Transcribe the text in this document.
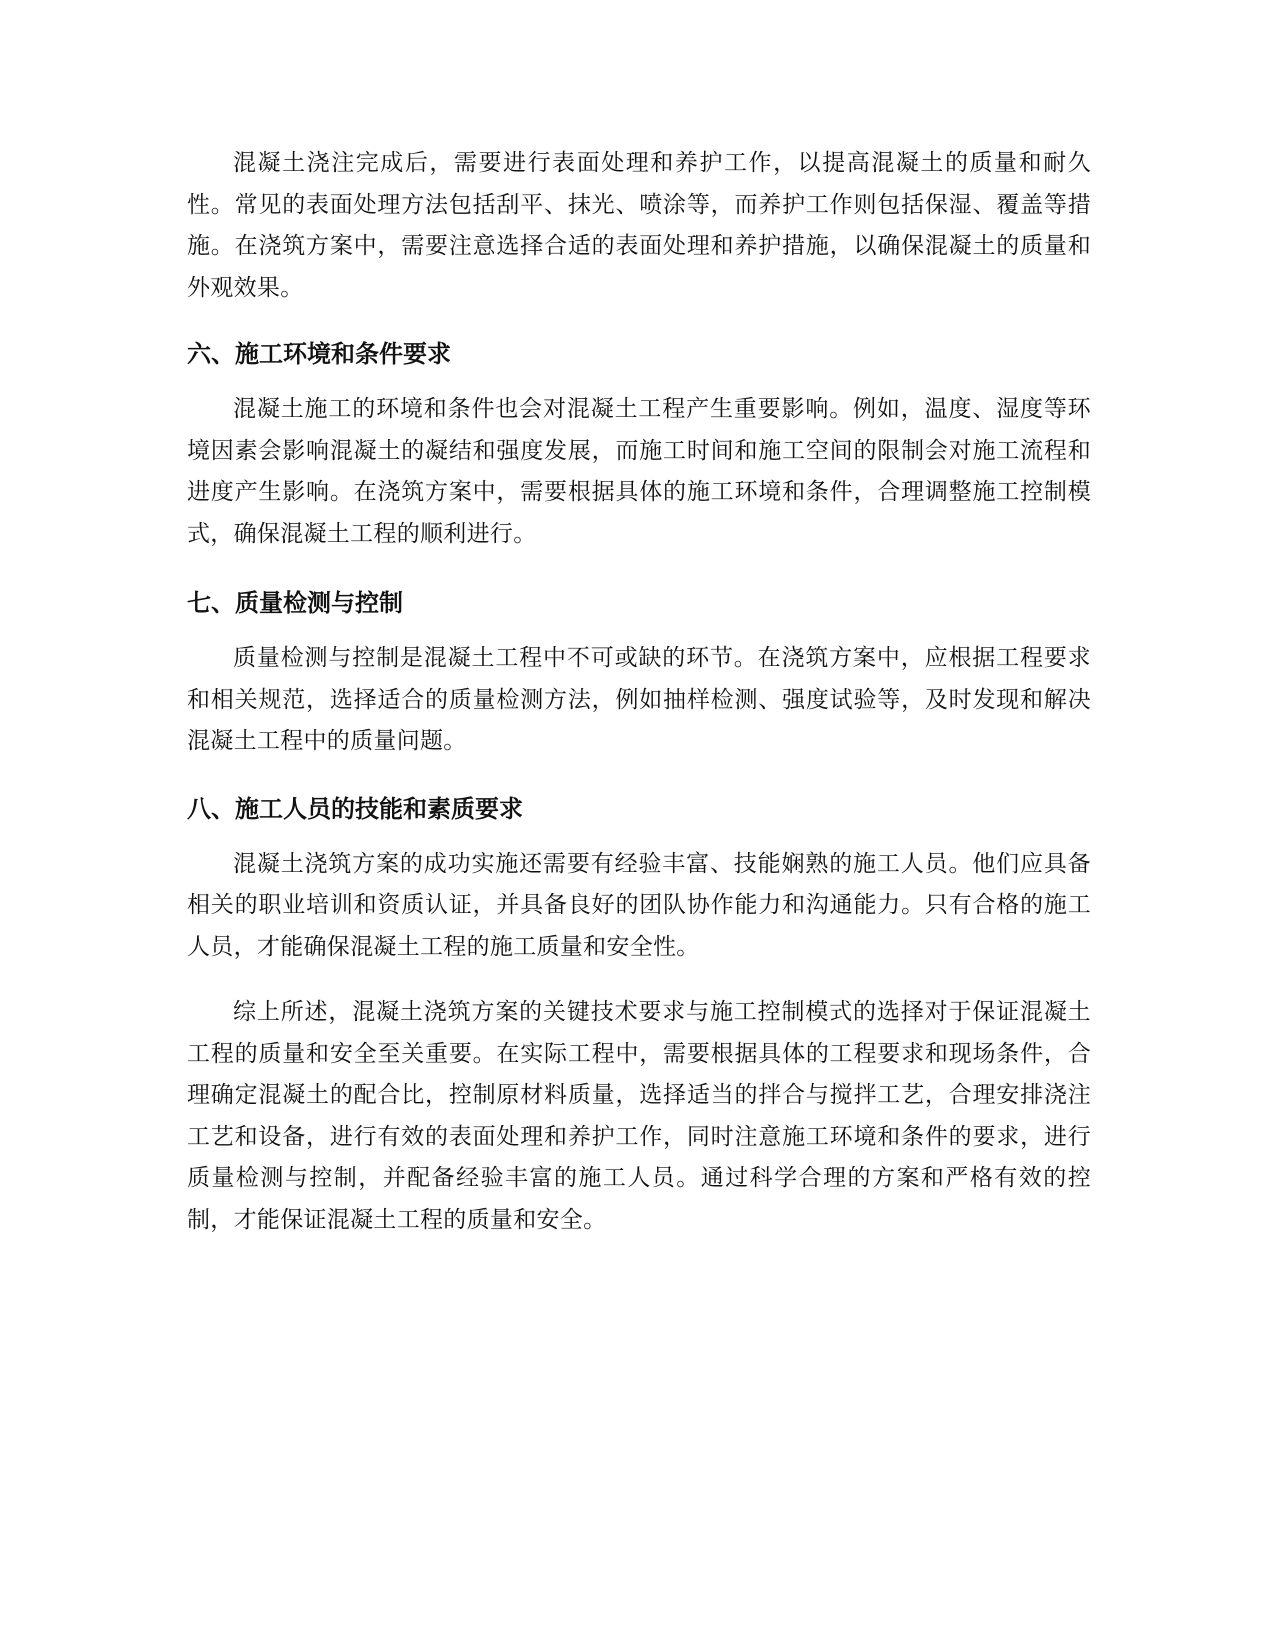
混凝土浇注完成后，需要进行表面处理和养护工作，以提高混凝土的质量和耐久性。常见的表面处理方法包括刮平、抹光、喷涂等，而养护工作则包括保湿、覆盖等措施。在浇筑方案中，需要注意选择合适的表面处理和养护措施，以确保混凝土的质量和外观效果。

六、施工环境和条件要求

混凝土施工的环境和条件也会对混凝土工程产生重要影响。例如，温度、湿度等环境因素会影响混凝土的凝结和强度发展，而施工时间和施工空间的限制会对施工流程和进度产生影响。在浇筑方案中，需要根据具体的施工环境和条件，合理调整施工控制模式，确保混凝土工程的顺利进行。

七、质量检测与控制

质量检测与控制是混凝土工程中不可或缺的环节。在浇筑方案中，应根据工程要求和相关规范，选择适合的质量检测方法，例如抽样检测、强度试验等，及时发现和解决混凝土工程中的质量问题。

八、施工人员的技能和素质要求

混凝土浇筑方案的成功实施还需要有经验丰富、技能娴熟的施工人员。他们应具备相关的职业培训和资质认证，并具备良好的团队协作能力和沟通能力。只有合格的施工人员，才能确保混凝土工程的施工质量和安全性。

综上所述，混凝土浇筑方案的关键技术要求与施工控制模式的选择对于保证混凝土工程的质量和安全至关重要。在实际工程中，需要根据具体的工程要求和现场条件，合理确定混凝土的配合比，控制原材料质量，选择适当的拌合与搅拌工艺，合理安排浇注工艺和设备，进行有效的表面处理和养护工作，同时注意施工环境和条件的要求，进行质量检测与控制，并配备经验丰富的施工人员。通过科学合理的方案和严格有效的控制，才能保证混凝土工程的质量和安全。
